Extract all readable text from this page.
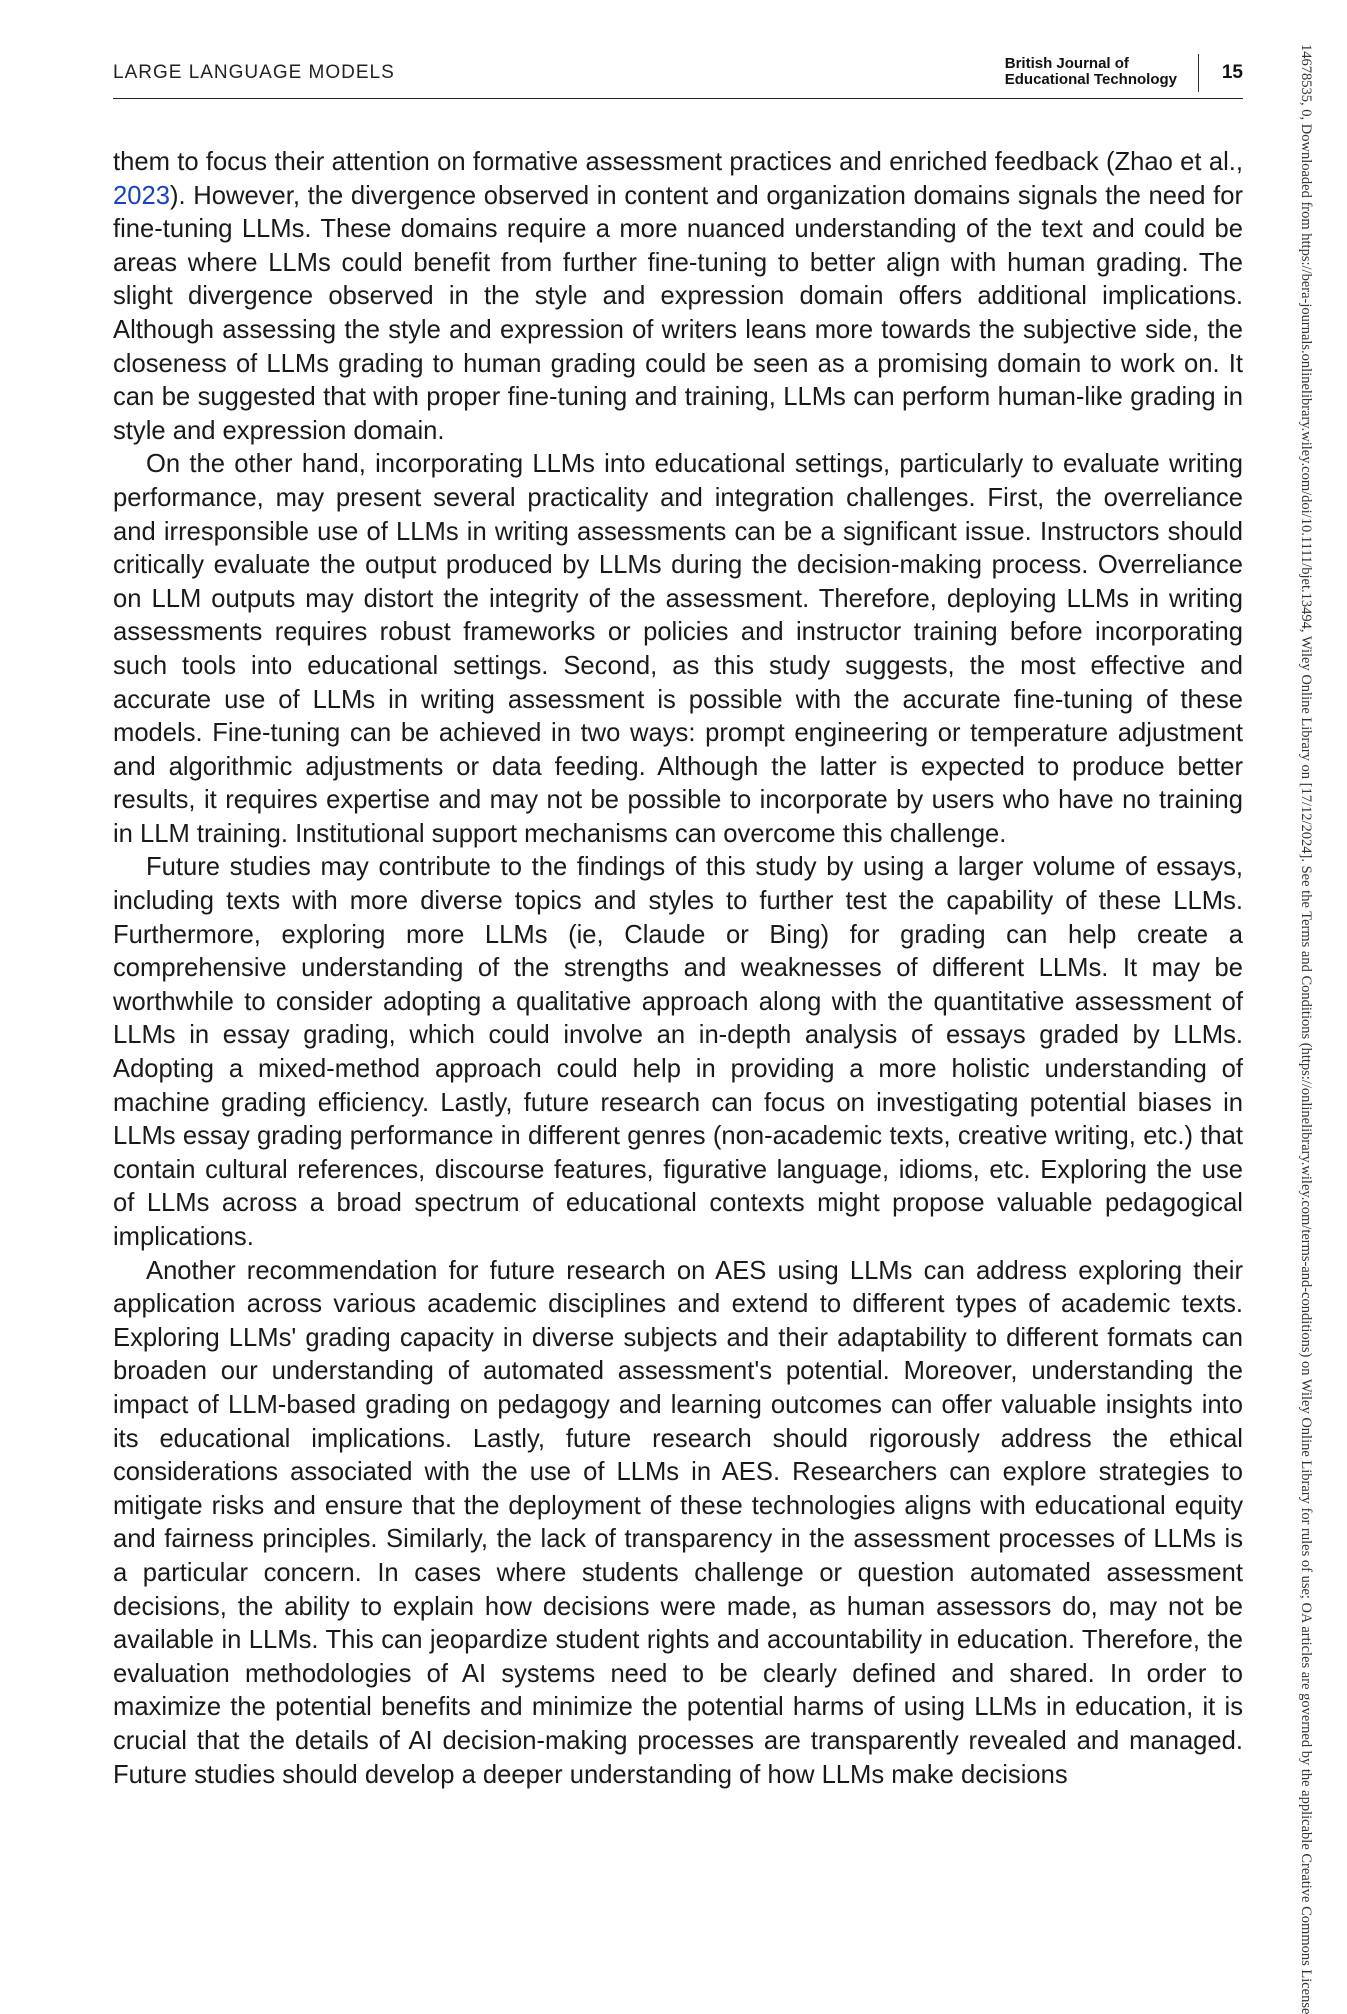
LARGE LANGUAGE MODELS	British Journal of
Educational Technology 15

them to focus their attention on formative assessment practices and enriched feedback (Zhao et al., 2023). However, the divergence observed in content and organization domains signals the need for fine-tuning LLMs. These domains require a more nuanced understanding of the text and could be areas where LLMs could benefit from further fine-tuning to better align with human grading. The slight divergence observed in the style and expression domain offers additional implications. Although assessing the style and expression of writers leans more towards the subjective side, the closeness of LLMs grading to human grading could be seen as a promising domain to work on. It can be suggested that with proper fine-tuning and training, LLMs can perform human-like grading in style and expression domain.

On the other hand, incorporating LLMs into educational settings, particularly to evaluate writing performance, may present several practicality and integration challenges. First, the overreliance and irresponsible use of LLMs in writing assessments can be a significant issue. Instructors should critically evaluate the output produced by LLMs during the decision-making process. Overreliance on LLM outputs may distort the integrity of the assessment. Therefore, deploying LLMs in writing assessments requires robust frameworks or policies and instructor training before incorporating such tools into educational settings. Second, as this study suggests, the most effective and accurate use of LLMs in writing assessment is possible with the accurate fine-tuning of these models. Fine-tuning can be achieved in two ways: prompt engineering or temperature adjustment and algorithmic adjustments or data feeding. Although the latter is expected to produce better results, it requires expertise and may not be possible to incorporate by users who have no training in LLM training. Institutional support mechanisms can overcome this challenge.

Future studies may contribute to the findings of this study by using a larger volume of essays, including texts with more diverse topics and styles to further test the capability of these LLMs. Furthermore, exploring more LLMs (ie, Claude or Bing) for grading can help create a comprehensive understanding of the strengths and weaknesses of different LLMs. It may be worthwhile to consider adopting a qualitative approach along with the quantitative assessment of LLMs in essay grading, which could involve an in-depth analysis of essays graded by LLMs. Adopting a mixed-method approach could help in providing a more holistic understanding of machine grading efficiency. Lastly, future research can focus on investigating potential biases in LLMs essay grading performance in different genres (non-academic texts, creative writing, etc.) that contain cultural references, discourse features, figurative language, idioms, etc. Exploring the use of LLMs across a broad spectrum of educational contexts might propose valuable pedagogical implications.

Another recommendation for future research on AES using LLMs can address exploring their application across various academic disciplines and extend to different types of academic texts. Exploring LLMs' grading capacity in diverse subjects and their adaptability to different formats can broaden our understanding of automated assessment's potential. Moreover, understanding the impact of LLM-based grading on pedagogy and learning outcomes can offer valuable insights into its educational implications. Lastly, future research should rigorously address the ethical considerations associated with the use of LLMs in AES. Researchers can explore strategies to mitigate risks and ensure that the deployment of these technologies aligns with educational equity and fairness principles. Similarly, the lack of transparency in the assessment processes of LLMs is a particular concern. In cases where students challenge or question automated assessment decisions, the ability to explain how decisions were made, as human assessors do, may not be available in LLMs. This can jeopardize student rights and accountability in education. Therefore, the evaluation methodologies of AI systems need to be clearly defined and shared. In order to maximize the potential benefits and minimize the potential harms of using LLMs in education, it is crucial that the details of AI decision-making processes are transparently revealed and managed. Future studies should develop a deeper understanding of how LLMs make decisions	14678535, 0, Downloaded from https://bera-journals.onlinelibrary.wiley.com/doi/10.1111/bjet.13494, Wiley Online Library on [17/12/2024]. See the Terms and Conditions (https://onlinelibrary.wiley.com/terms-and-conditions) on Wiley Online Library for rules of use; OA articles are governed by the applicable Creative Commons License
